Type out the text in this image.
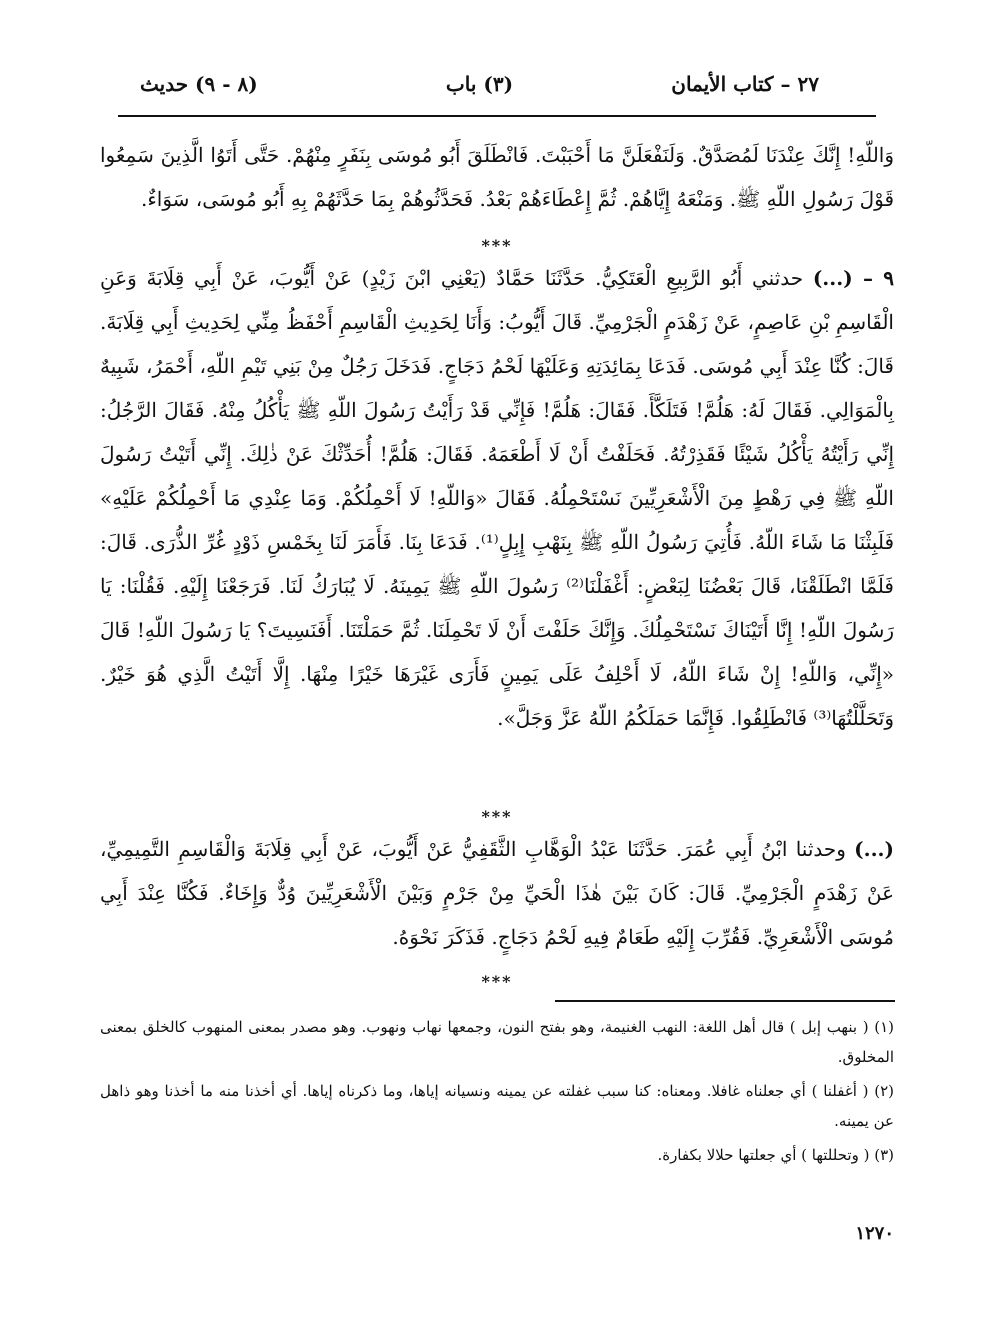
٢٧ – كتاب الأيمان
(٣) باب
(٨ - ٩) حديث

وَاللّهِ! إِنَّكَ عِنْدَنَا لَمُصَدَّقٌ. وَلَنَفْعَلَنَّ مَا أَحْبَبْتَ. فَانْطَلَقَ أَبُو مُوسَى بِنَفَرٍ مِنْهُمْ. حَتَّى أَتَوُا الَّذِينَ سَمِعُوا قَوْلَ رَسُولِ اللّهِ ﷺ. وَمَنْعَهُ إِيَّاهُمْ. ثُمَّ إِعْطَاءَهُمْ بَعْدُ. فَحَدَّثُوهُمْ بِمَا حَدَّثَهُمْ بِهِ أَبُو مُوسَى، سَوَاءٌ.

***

٩ – (...) حدثني أَبُو الرَّبِيعِ الْعَتَكِيُّ. حَدَّثَنَا حَمَّادٌ (يَعْنِي ابْنَ زَيْدٍ) عَنْ أَيُّوبَ، عَنْ أَبِي قِلَابَةَ وَعَنِ الْقَاسِمِ بْنِ عَاصِمٍ، عَنْ زَهْدَمٍ الْجَرْمِيِّ. قَالَ أَيُّوبُ: وَأَنَا لِحَدِيثِ الْقَاسِمِ أَحْفَظُ مِنِّي لِحَدِيثِ أَبِي قِلَابَةَ. قَالَ: كُنَّا عِنْدَ أَبِي مُوسَى. فَدَعَا بِمَائِدَتِهِ وَعَلَيْهَا لَحْمُ دَجَاجٍ. فَدَخَلَ رَجُلٌ مِنْ بَنِي تَيْمِ اللّهِ، أَحْمَرُ، شَبِيهٌ بِالْمَوَالِي. فَقَالَ لَهُ: هَلُمَّ! فَتَلَكَّأَ. فَقَالَ: هَلُمَّ! فَإِنِّي قَدْ رَأَيْتُ رَسُولَ اللّهِ ﷺ يَأْكُلُ مِنْهُ. فَقَالَ الرَّجُلُ: إِنِّي رَأَيْتُهُ يَأْكُلُ شَيْئًا فَقَذِرْتُهُ. فَحَلَفْتُ أَنْ لَا أَطْعَمَهُ. فَقَالَ: هَلُمَّ! أُحَدِّثْكَ عَنْ ذٰلِكَ. إِنِّي أَتَيْتُ رَسُولَ اللّهِ ﷺ فِي رَهْطٍ مِنَ الْأَشْعَرِيِّينَ نَسْتَحْمِلُهُ. فَقَالَ «وَاللّهِ! لَا أَحْمِلُكُمْ. وَمَا عِنْدِي مَا أَحْمِلُكُمْ عَلَيْهِ» فَلَبِثْنَا مَا شَاءَ اللّهُ. فَأُتِيَ رَسُولُ اللّهِ ﷺ بِنَهْبِ إِبِلٍ⁽¹⁾. فَدَعَا بِنَا. فَأَمَرَ لَنَا بِخَمْسِ ذَوْدٍ غُرِّ الذُّرَى. قَالَ: فَلَمَّا انْطَلَقْنَا، قَالَ بَعْضُنَا لِبَعْضٍ: أَغْفَلْنَا⁽²⁾ رَسُولَ اللّهِ ﷺ يَمِينَهُ. لَا يُبَارَكُ لَنَا. فَرَجَعْنَا إِلَيْهِ. فَقُلْنَا: يَا رَسُولَ اللّهِ! إِنَّا أَتَيْنَاكَ نَسْتَحْمِلُكَ. وَإِنَّكَ حَلَفْتَ أَنْ لَا تَحْمِلَنَا. ثُمَّ حَمَلْتَنَا. أَفَنَسِيتَ؟ يَا رَسُولَ اللّهِ! قَالَ «إِنِّي، وَاللّهِ! إِنْ شَاءَ اللّهُ، لَا أَحْلِفُ عَلَى يَمِينٍ فَأَرَى غَيْرَهَا خَيْرًا مِنْهَا. إِلَّا أَتَيْتُ الَّذِي هُوَ خَيْرٌ. وَتَحَلَّلْتُهَا⁽³⁾ فَانْطَلِقُوا. فَإِنَّمَا حَمَلَكُمُ اللّهُ عَزَّ وَجَلَّ».

***

(...) وحدثنا ابْنُ أَبِي عُمَرَ. حَدَّثَنَا عَبْدُ الْوَهَّابِ الثَّقَفِيُّ عَنْ أَيُّوبَ، عَنْ أَبِي قِلَابَةَ وَالْقَاسِمِ التَّمِيمِيِّ، عَنْ زَهْدَمٍ الْجَرْمِيِّ. قَالَ: كَانَ بَيْنَ هٰذَا الْحَيِّ مِنْ جَرْمٍ وَبَيْنَ الْأَشْعَرِيِّينَ وُدٌّ وَإِخَاءٌ. فَكُنَّا عِنْدَ أَبِي مُوسَى الْأَشْعَرِيِّ. فَقُرِّبَ إِلَيْهِ طَعَامٌ فِيهِ لَحْمُ دَجَاجٍ. فَذَكَرَ نَحْوَهُ.

***

(١) ( بنهب إبل ) قال أهل اللغة: النهب الغنيمة، وهو بفتح النون، وجمعها نهاب ونهوب. وهو مصدر بمعنى المنهوب كالخلق بمعنى المخلوق.

(٢) ( أغفلنا ) أي جعلناه غافلا. ومعناه: كنا سبب غفلته عن يمينه ونسيانه إياها، وما ذكرناه إياها. أي أخذنا منه ما أخذنا وهو ذاهل عن يمينه.

(٣) ( وتحللتها ) أي جعلتها حلالا بكفارة.

١٢٧٠
